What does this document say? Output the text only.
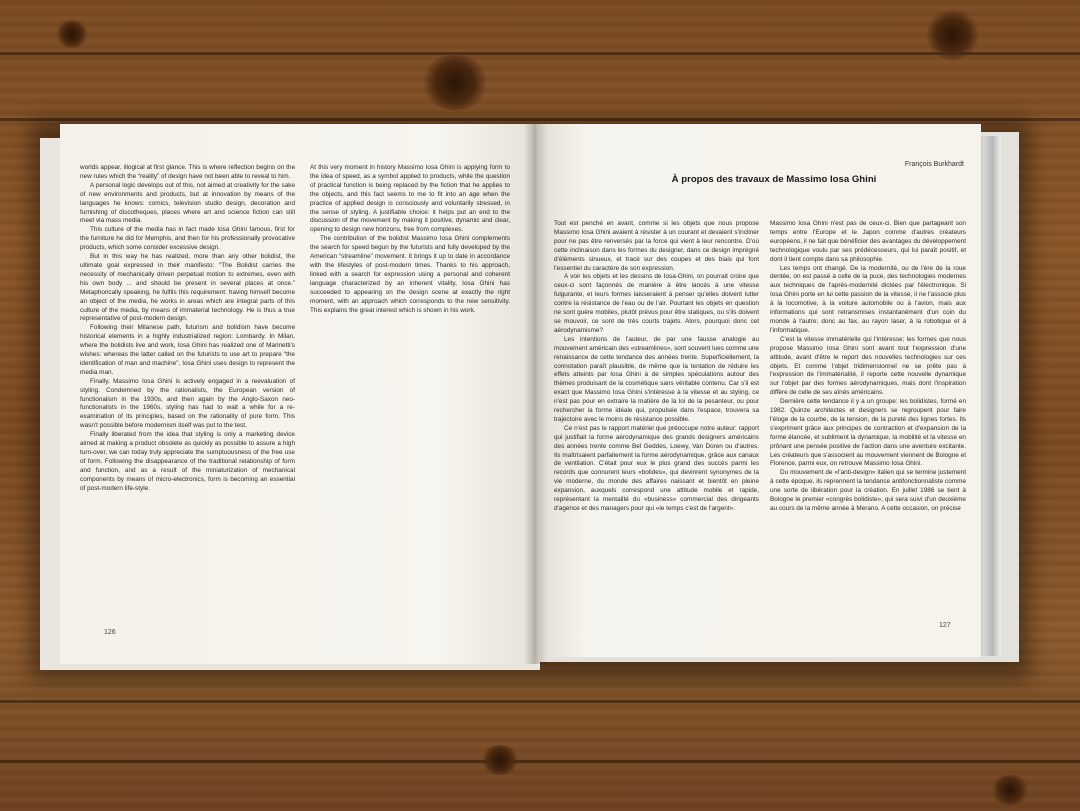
worlds appear, illogical at first glance. This is where reflection begins on the new rules which the “reality” of design have not been able to reveal to him.

A personal logic develops out of this, not aimed at creativity for the sake of new environments and products, but at innovation by means of the languages he knows: comics, television studio design, decoration and furnishing of discotheques, places where art and science fiction can still meet via mass media.

This culture of the media has in fact made Iosa Ghini famous, first for the furniture he did for Memphis, and then for his professionally provocative products, which some consider excessive design.

But in this way he has realized, more than any other bolidist, the ultimate goal expressed in their manifesto: “The Bolidist carries the necessity of mechanically driven perpetual motion to extremes, even with his own body ... and should be present in several places at once.” Metaphorically speaking, he fulfils this requirement: having himself become an object of the media, he works in areas which are integral parts of this culture of the media, by means of immaterial technology. He is thus a true representative of post-modern design.

Following their Milanese path, futurism and bolidism have become historical elements in a highly industrialized region: Lombardy. In Milan, where the bolidists live and work, Iosa Ghini has realized one of Marinetti's wishes: whereas the latter called on the futurists to use art to prepare “the identification of man and machine”, Iosa Ghini uses design to represent the media man.

Finally, Massimo Iosa Ghini is actively engaged in a reevaluation of styling. Condemned by the rationalists, the European version of functionalism in the 1930s, and then again by the Anglo-Saxon neo-functionalists in the 1960s, styling has had to wait a while for a re-examination of its principles, based on the rationality of pure form. This wasn't possible before modernism itself was put to the test.

Finally liberated from the idea that styling is only a marketing device aimed at making a product obsolete as quickly as possible to assure a high turn-over, we can today truly appreciate the sumptuousness of the free use of form. Following the disappearance of the traditional relationship of form and function, and as a result of the miniaturization of mechanical components by means of micro-electronics, form is becoming an essential of post-modern life-style.

At this very moment in history Massimo Iosa Ghini is applying form to the idea of speed, as a symbol applied to products, while the question of practical function is being replaced by the fiction that he applies to the objects, and this fact seems to me to fit into an age when the practice of applied design is consciously and voluntarily stressed, in the sense of styling. A justifiable choice: it helps put an end to the discussion of the movement by making it positive, dynamic and clear, opening to design new horizons, free from complexes.

The contribution of the bolidist Massimo Iosa Ghini complements the search for speed begun by the futurists and fully developed by the American “streamline” movement. It brings it up to date in accordance with the lifestyles of post-modern times. Thanks to his approach, linked with a search for expression using a personal and coherent language characterized by an inherent vitality, Iosa Ghini has succeeded to appearing on the design scene at exactly the right moment, with an approach which corresponds to the new sensitivity. This explains the great interest which is shown in his work.

126
François Burkhardt
À propos des travaux de Massimo Iosa Ghini

Tout est penché en avant, comme si les objets que nous propose Massimo Iosa Ghini avaient à résister à un courant et devaient s'incliner pour ne pas être renversés par la force qui vient à leur rencontre. D'où cette inclinaison dans les formes du designer, dans ce design imprégné d'éléments sinueux, et tracé sur des coupes et des biais qui font l'essentiel du caractère de son expression.

A voir les objets et les dessins de Iosa-Ghini, on pourrait croire que ceux-ci sont façonnés de manière à être lancés à une vitesse fulgurante, et leurs formes laisseraient à penser qu'elles doivent lutter contre la résistance de l'eau ou de l'air. Pourtant les objets en question ne sont guère mobiles, plutôt prévus pour être statiques, ou s'ils doivent se mouvoir, ce sont de très courts trajets. Alors, pourquoi donc cet aérodynamisme?

Les intentions de l'auteur, de par une fausse analogie au mouvement américain des «streamlines», sont souvent lues comme une renaissance de cette tendance des années trente. Superficiellement, la connotation paraît plausible, de même que la tentation de réduire les effets atteints par Iosa Ghini à de simples spéculations autour des thèmes produisant de la cosmétique sans véritable contenu. Car s'il est exact que Massimo Iosa Ghini s'intéresse à la vitesse et au styling, ce n'est pas pour en extraire la matière de la loi de la pesanteur, ou pour rechercher la forme idéale qui, propulsée dans l'espace, trouvera sa trajectoire avec le moins de résistance possible.

Ce n'est pas le rapport matériel que préoccupe notre auteur: rapport qui justifiait la forme aérodynamique des grands designers américains des années trente comme Bel Geddes, Loewy, Van Doren ou d'autres. Ils maîtrisaient parfaitement la forme aérodynamique, grâce aux canaux de ventilation. C'était pour eux le plus grand des succès parmi les records que connurent leurs «bolides», qui devinrent synonymes de la vie moderne, du monde des affaires naissant et bientôt en pleine expansion, auxquels correspond une attitude mobile et rapide, représentant la mentalité du «business» commercial des dirigeants d'agence et des managers pour qui «le temps c'est de l'argent».

Massimo Iosa Ghini n'est pas de ceux-ci. Bien que partageant son temps entre l'Europe et le Japon comme d'autres créateurs européens, il ne fait que bénéficier des avantages du développement technologique voulu par ses prédécesseurs, qui lui paraît positif, et dont il tient compte dans sa philosophie.

Les temps ont changé. De la modernité, ou de l'ère de la roue dentée, on est passé à celle de la puce, des technologies modernes aux techniques de l'après-modernité dictées par l'électronique. Si Iosa Ghini porte en lui cette passion de la vitesse, il ne l'associe plus à la locomotive, à la voiture automobile ou à l'avion, mais aux informations qui sont retransmises instantanément d'un coin du monde à l'autre; donc au fax, au rayon laser, à la robotique et à l'informatique.

C'est la vitesse immatérielle qui l'intéresse; les formes que nous propose Massimo Iosa Ghini sont avant tout l'expression d'une attitude, avant d'être le report des nouvelles technologies sur ces objets. Et comme l'objet tridimensionnel ne se prête pas à l'expression de l'immatérialité, il reporte cette nouvelle dynamique sur l'objet par des formes aérodynamiques, mais dont l'inspiration diffère de celle de ses aînés américains.

Dernière cette tendance il y a un groupe: les bolidistes, formé en 1982. Quinze architectes et designers se regroupent pour faire l'éloge de la courbe, de la tension, de la pureté des lignes fortes. Ils s'expriment grâce aux principes de contraction et d'expansion de la forme élancée, et subliment la dynamique, la mobilité et la vitesse en prônant une pensée positive de l'action dans une aventure excitante. Les créateurs que s'associent au mouvement viennent de Bologne et Florence, parmi eux, on retrouve Massimo Iosa Ghini.

Du mouvement de «l'anti-design» italien qui se termine justement à cette époque, ils reprennent la tendance antifonctionnaliste comme une sorte de libération pour la création. En juillet 1986 se tient à Bologne le premier «congrès bolidiste», qui sera suivi d'un deuxième au cours de la même année à Merano. A cette occasion, on précise

127
